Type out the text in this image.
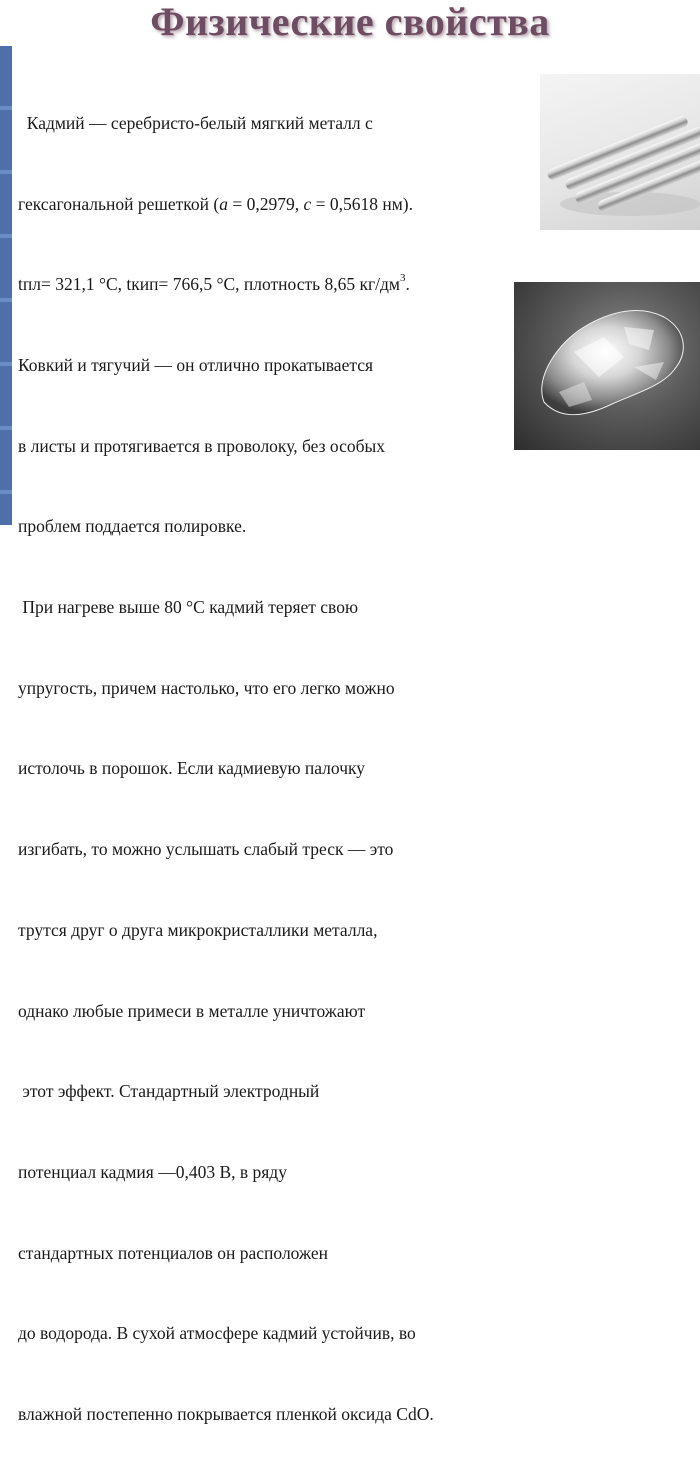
Физические свойства

Кадмий — серебристо-белый мягкий металл с

гексагональной решеткой (a = 0,2979, c = 0,5618 нм).

tпл= 321,1 °C, tкип= 766,5 °C, плотность 8,65 $кг/дм^3$.

Ковкий и тягучий — он отлично прокатывается

в листы и протягивается в проволоку, без особых

проблем поддается полировке.

При нагреве выше 80 °C кадмий теряет свою

упругость, причем настолько, что его легко можно

истолочь в порошок. Если кадмиевую палочку

изгибать, то можно услышать слабый треск — это

трутся друг о друга микрокристаллики металла,

однако любые примеси в металле уничтожают

этот эффект. Стандартный электродный

потенциал кадмия —0,403 В, в ряду

стандартных потенциалов он расположен

до водорода. В сухой атмосфере кадмий устойчив, во

влажной постепенно покрывается пленкой оксида CdO.
